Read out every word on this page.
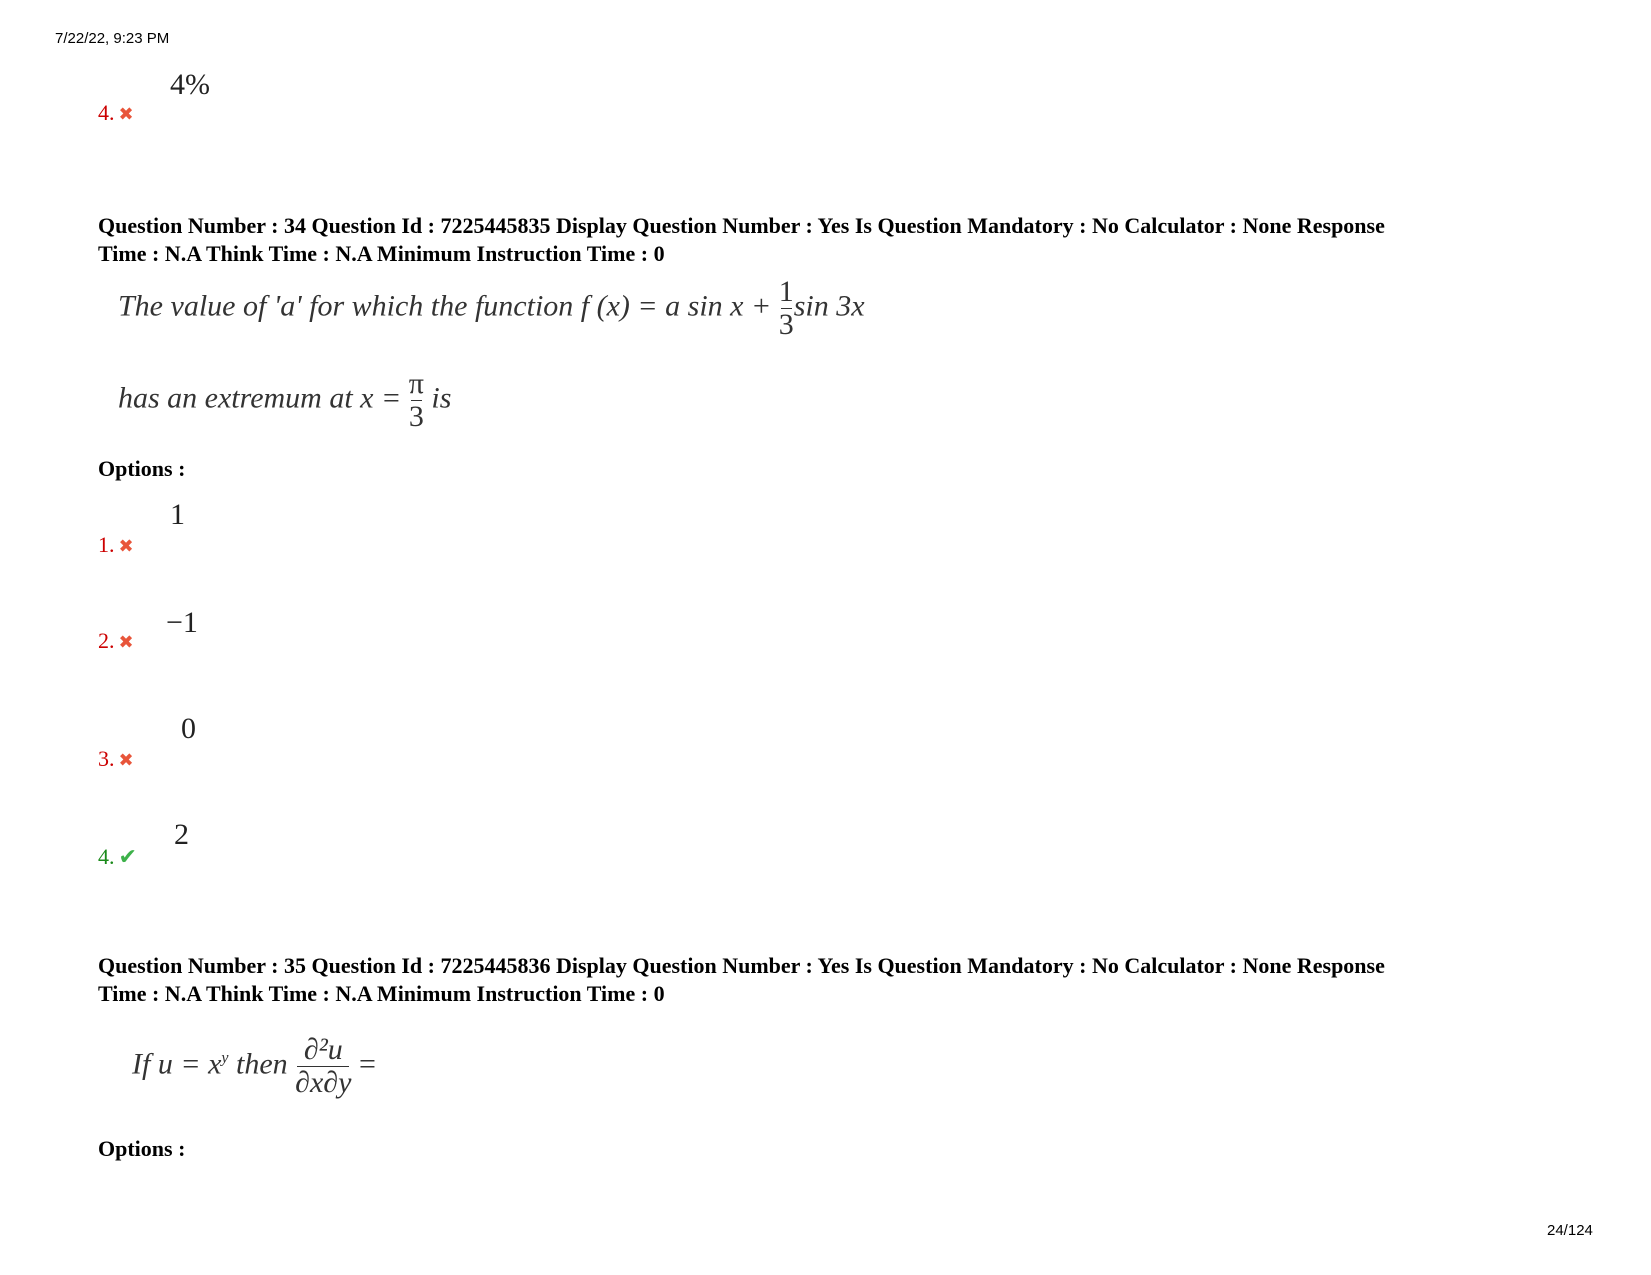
7/22/22, 9:23 PM
4. ✖
4%
Question Number : 34 Question Id : 7225445835 Display Question Number : Yes Is Question Mandatory : No Calculator : None Response
Time : N.A Think Time : N.A Minimum Instruction Time : 0
The value of 'a' for which the function f (x) = a $\sin x + \frac{1}{3}$ sin 3x
has an extremum at $x = \frac{\pi}{3}$ is
Options :
1. ✖
1
2. ✖
−1
3. ✖
0
4. ✔
2
Question Number : 35 Question Id : 7225445836 Display Question Number : Yes Is Question Mandatory : No Calculator : None Response
Time : N.A Think Time : N.A Minimum Instruction Time : 0
If $u = x^y$ then $\frac{\text{∂²u}}{\partial x\partial y}$ =
Options :
24/124
